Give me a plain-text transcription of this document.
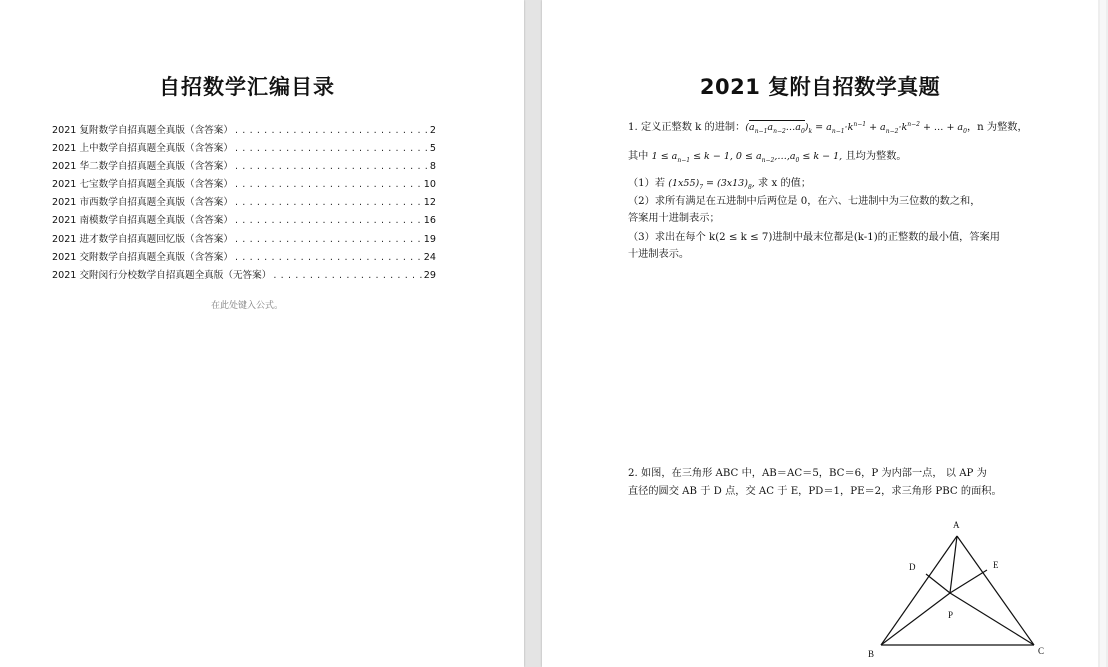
自招数学汇编目录
2021 复附数学自招真题全真版（含答案） . . .	2
2021 上中数学自招真题全真版（含答案） . . .	5
2021 华二数学自招真题全真版（含答案） . . .	8
2021 七宝数学自招真题全真版（含答案） . . .	10
2021 市西数学自招真题全真版（含答案） . . .	12
2021 南模数学自招真题全真版（含答案） . . .	16
2021 进才数学自招真题回忆版（含答案） . . .	19
2021 交附数学自招真题全真版（含答案） . . .	24
2021 交附闵行分校数学自招真题全真版（无答案） . . .	29
在此处键入公式。
2021 复附自招数学真题
1. 定义正整数 k 的进制：$(a_{n-1}a_{n-2}\dots a_0)_k = a_{n-1}\cdot k^{n-1} + a_{n-2}\cdot k^{n-2}$ + … + $a_0$，n 为整数，
其中 $1 \le a_{n-1} \le k - 1$, $0 \le a_{n-2},\dots,a_0 \le k - 1$, 且均为整数。
（1）若 $(1x55)_7 = (3x13)_8$, 求 x 的值；
（2）求所有满足在五进制中后两位是 0，在六、七进制中为三位数的数之和，
答案用十进制表示；
（3）求出在每个 k(2 ≤ k ≤ 7)进制中最末位都是(k-1)的正整数的最小值，答案用
十进制表示。
2. 如图，在三角形 ABC 中，AB＝AC＝5，BC＝6，P 为内部一点， 以 AP 为
直径的圆交 AB 于 D 点，交 AC 于 E，PD＝1，PE＝2，求三角形 PBC 的面积。
A
B	C
D	E
P
